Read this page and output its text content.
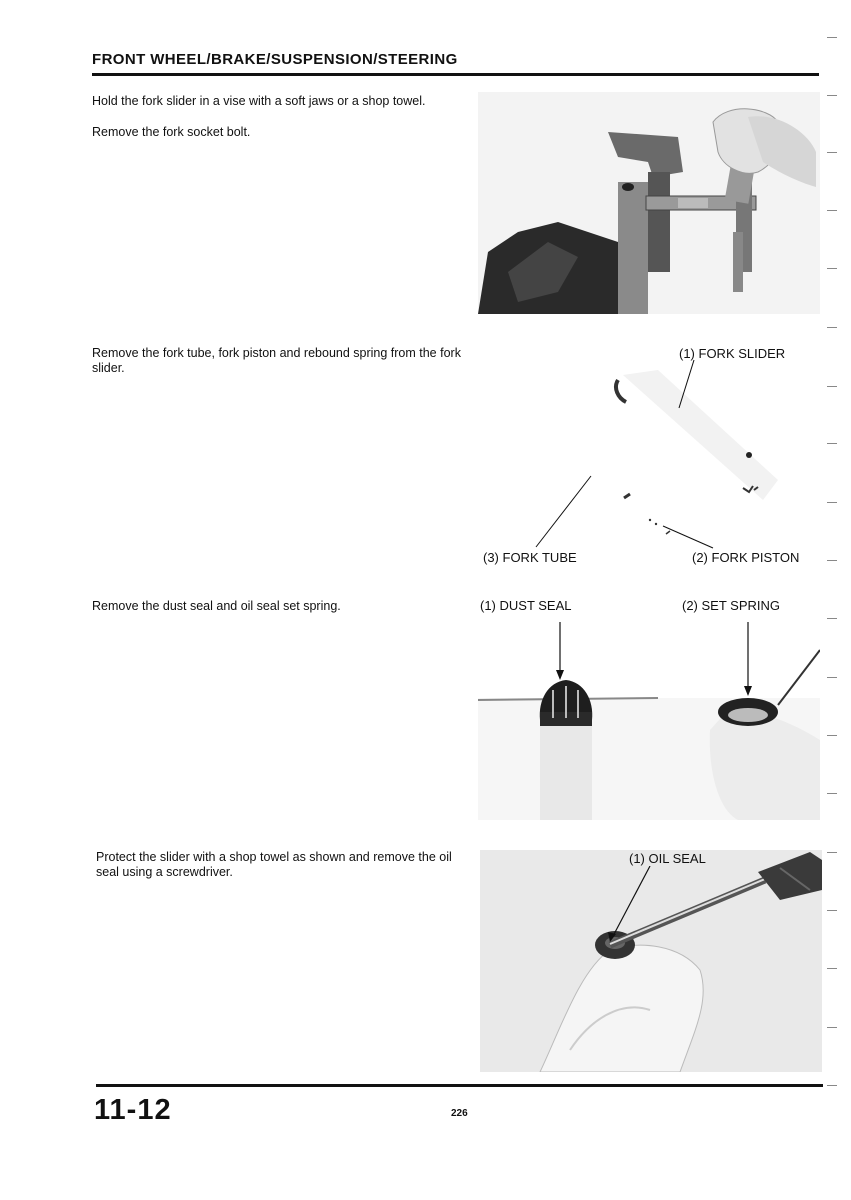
FRONT WHEEL/BRAKE/SUSPENSION/STEERING
Hold the fork slider in a vise with a soft jaws or a shop towel.
Remove the fork socket bolt.
Remove the fork tube, fork piston and rebound spring from the fork slider.
Remove the dust seal and oil seal set spring.
Protect the slider with a shop towel as shown and remove the oil seal using a screwdriver.
(1) FORK SLIDER
(2) FORK PISTON
(3) FORK TUBE
(1) DUST SEAL	(2) SET SPRING
(1) OIL SEAL
11-12	226
